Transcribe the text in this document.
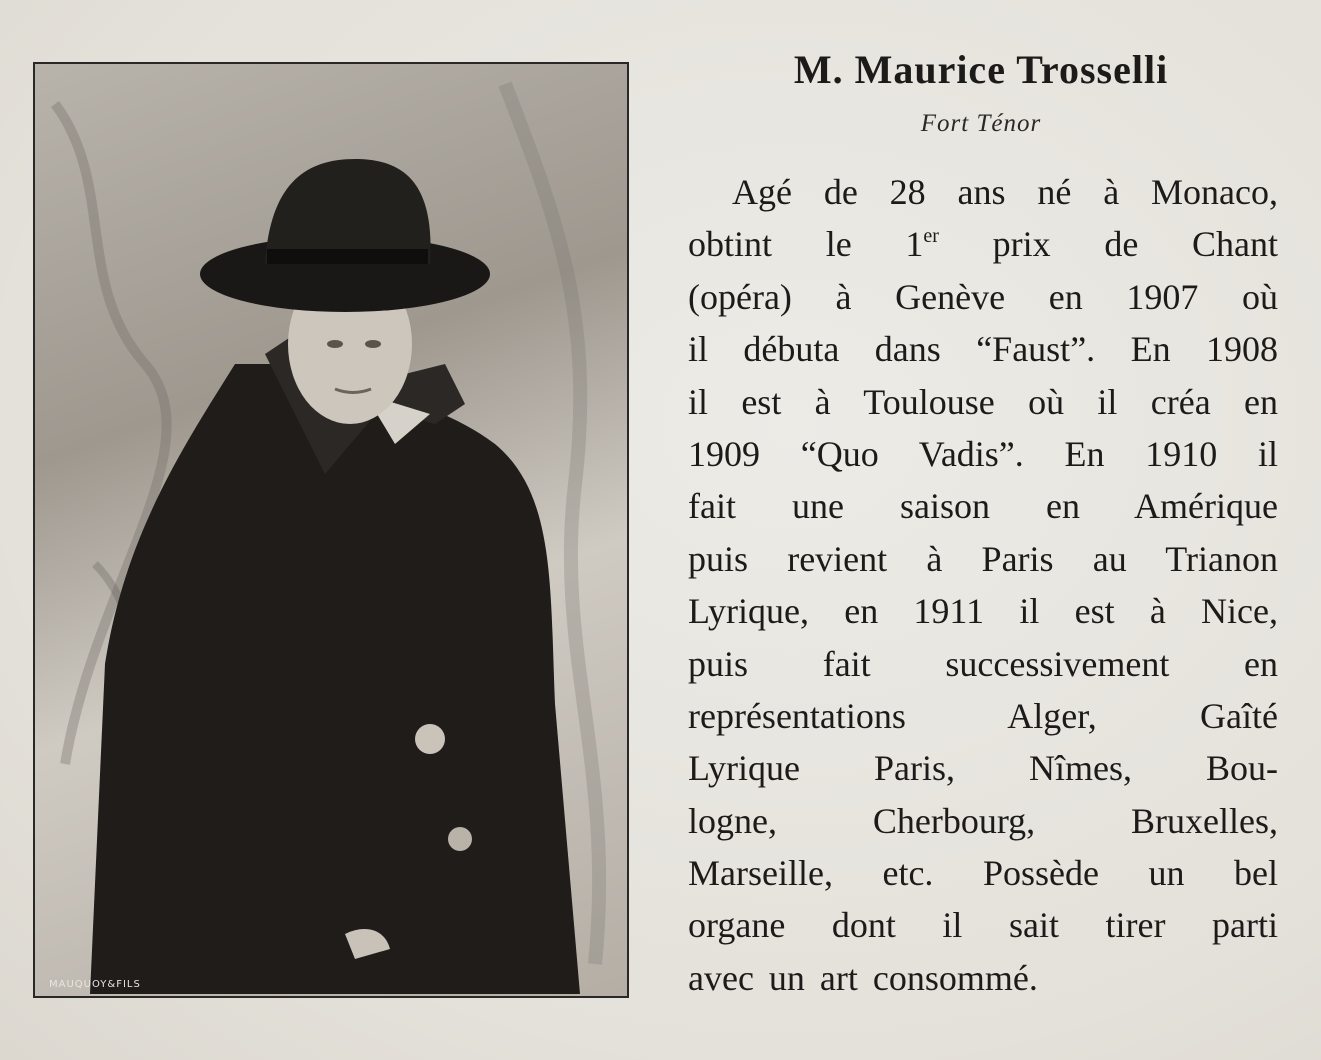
MAUQUOY&FILS
M. Maurice Trosselli
Fort Ténor
Agé de 28 ans né à Monaco,
obtint le 1er prix de Chant
(opéra) à Genève en 1907 où
il débuta dans “Faust”. En 1908
il est à Toulouse où il créa en
1909 “Quo Vadis”. En 1910 il
fait une saison en Amérique
puis revient à Paris au Trianon
Lyrique, en 1911 il est à Nice,
puis fait successivement en
représentations Alger, Gaîté
Lyrique Paris, Nîmes, Bou-
logne, Cherbourg, Bruxelles,
Marseille, etc. Possède un bel
organe dont il sait tirer parti
avec un art consommé.
